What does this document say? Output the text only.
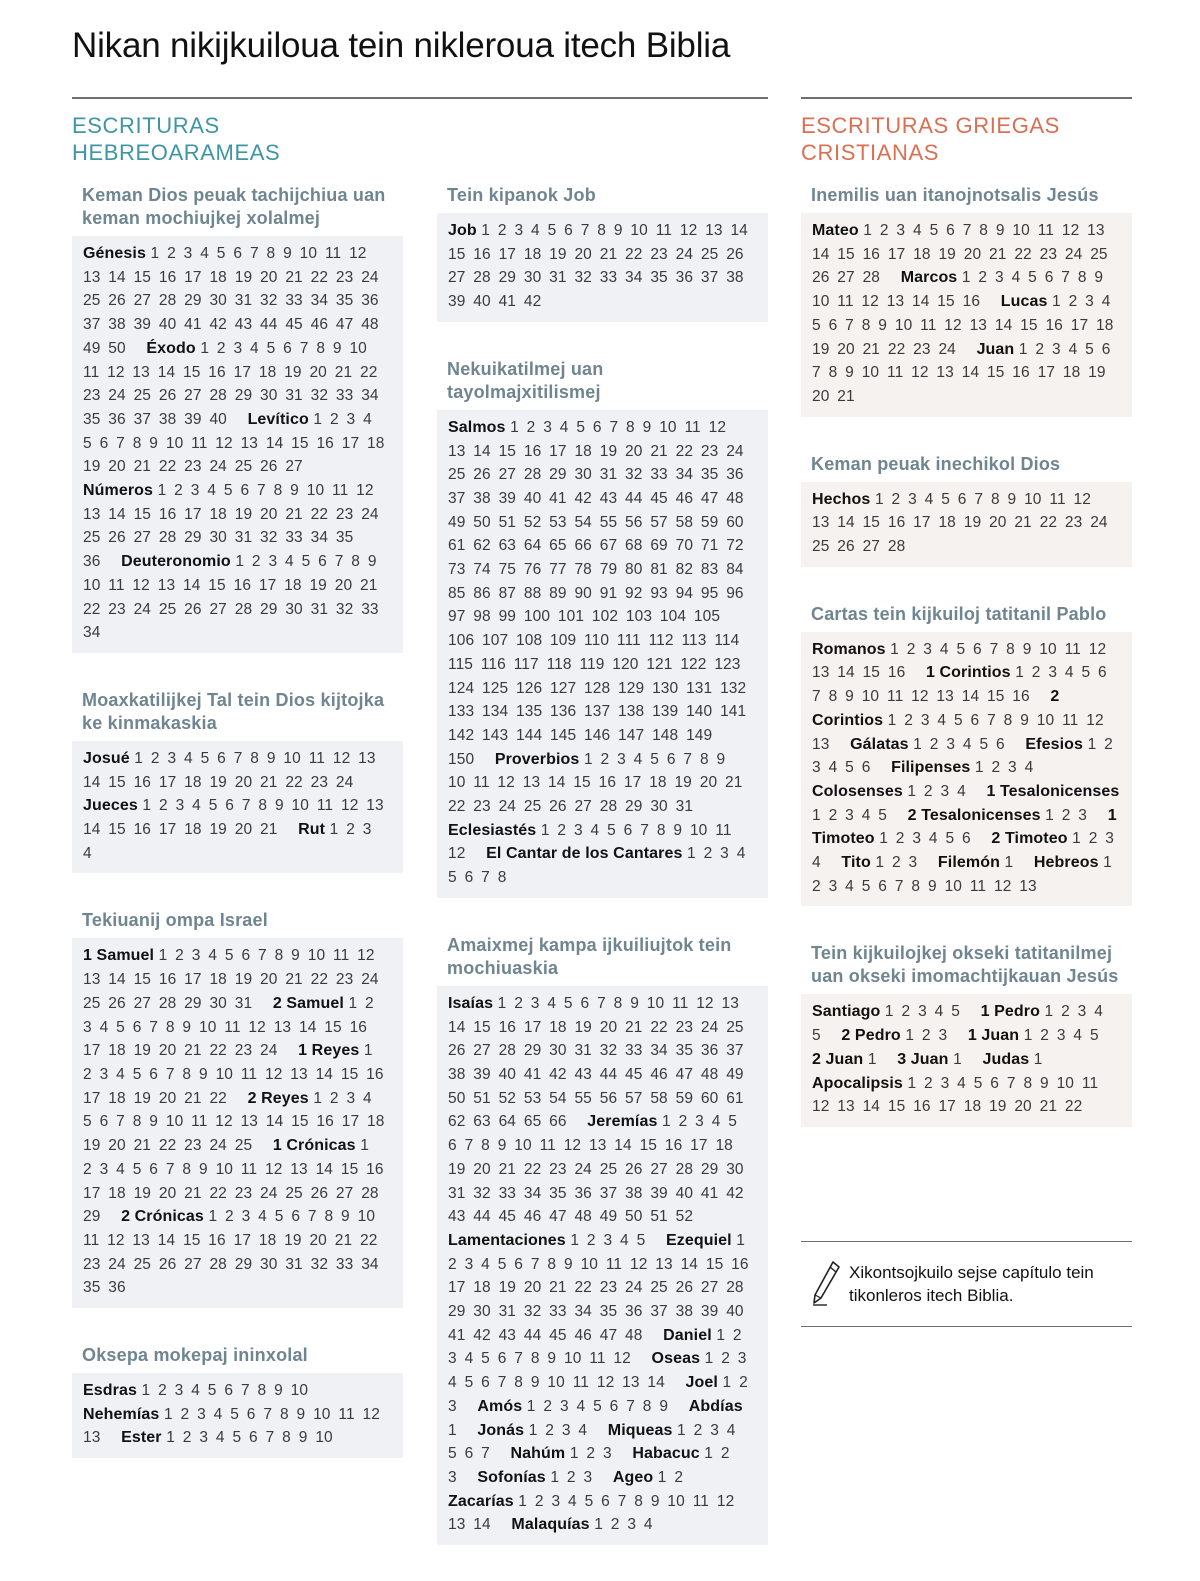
Nikan nikijkuiloua tein nikleroua itech Biblia
ESCRITURAS HEBREOARAMEAS
ESCRITURAS GRIEGAS CRISTIANAS
Keman Dios peuak tachijchiua uan keman mochiujkej xolalmej
Génesis 1 2 3 4 5 6 7 8 9 10 11 12 13 14 15 16 17 18 19 20 21 22 23 24 25 26 27 28 29 30 31 32 33 34 35 36 37 38 39 40 41 42 43 44 45 46 47 48 49 50  Éxodo 1 2 3 4 5 6 7 8 9 10 11 12 13 14 15 16 17 18 19 20 21 22 23 24 25 26 27 28 29 30 31 32 33 34 35 36 37 38 39 40  Levítico 1 2 3 4 5 6 7 8 9 10 11 12 13 14 15 16 17 18 19 20 21 22 23 24 25 26 27  Números 1 2 3 4 5 6 7 8 9 10 11 12 13 14 15 16 17 18 19 20 21 22 23 24 25 26 27 28 29 30 31 32 33 34 35 36  Deuteronomio 1 2 3 4 5 6 7 8 9 10 11 12 13 14 15 16 17 18 19 20 21 22 23 24 25 26 27 28 29 30 31 32 33 34 
Moaxkatilijkej Tal tein Dios kijtojka ke kinmakaskia
Josué 1 2 3 4 5 6 7 8 9 10 11 12 13 14 15 16 17 18 19 20 21 22 23 24  Jueces 1 2 3 4 5 6 7 8 9 10 11 12 13 14 15 16 17 18 19 20 21  Rut 1 2 3 4 
Tekiuanij ompa Israel
1 Samuel 1 2 3 4 5 6 7 8 9 10 11 12 13 14 15 16 17 18 19 20 21 22 23 24 25 26 27 28 29 30 31  2 Samuel 1 2 3 4 5 6 7 8 9 10 11 12 13 14 15 16 17 18 19 20 21 22 23 24  1 Reyes 1 2 3 4 5 6 7 8 9 10 11 12 13 14 15 16 17 18 19 20 21 22  2 Reyes 1 2 3 4 5 6 7 8 9 10 11 12 13 14 15 16 17 18 19 20 21 22 23 24 25  1 Crónicas 1 2 3 4 5 6 7 8 9 10 11 12 13 14 15 16 17 18 19 20 21 22 23 24 25 26 27 28 29  2 Crónicas 1 2 3 4 5 6 7 8 9 10 11 12 13 14 15 16 17 18 19 20 21 22 23 24 25 26 27 28 29 30 31 32 33 34 35 36 
Oksepa mokepaj ininxolal
Esdras 1 2 3 4 5 6 7 8 9 10  Nehemías 1 2 3 4 5 6 7 8 9 10 11 12 13  Ester 1 2 3 4 5 6 7 8 9 10 
Tein kipanok Job
Job 1 2 3 4 5 6 7 8 9 10 11 12 13 14 15 16 17 18 19 20 21 22 23 24 25 26 27 28 29 30 31 32 33 34 35 36 37 38 39 40 41 42 
Nekuikatilmej uan tayolmajxitilismej
Salmos 1 2 3 4 5 6 7 8 9 10 11 12 13 14 15 16 17 18 19 20 21 22 23 24 25 26 27 28 29 30 31 32 33 34 35 36 37 38 39 40 41 42 43 44 45 46 47 48 49 50 51 52 53 54 55 56 57 58 59 60 61 62 63 64 65 66 67 68 69 70 71 72 73 74 75 76 77 78 79 80 81 82 83 84 85 86 87 88 89 90 91 92 93 94 95 96 97 98 99 100 101 102 103 104 105 106 107 108 109 110 111 112 113 114 115 116 117 118 119 120 121 122 123 124 125 126 127 128 129 130 131 132 133 134 135 136 137 138 139 140 141 142 143 144 145 146 147 148 149 150  Proverbios 1 2 3 4 5 6 7 8 9 10 11 12 13 14 15 16 17 18 19 20 21 22 23 24 25 26 27 28 29 30 31  Eclesiastés 1 2 3 4 5 6 7 8 9 10 11 12  El Cantar de los Cantares 1 2 3 4 5 6 7 8 
Amaixmej kampa ijkuiliujtok tein mochiuaskia
Isaías 1 2 3 4 5 6 7 8 9 10 11 12 13 14 15 16 17 18 19 20 21 22 23 24 25 26 27 28 29 30 31 32 33 34 35 36 37 38 39 40 41 42 43 44 45 46 47 48 49 50 51 52 53 54 55 56 57 58 59 60 61 62 63 64 65 66  Jeremías 1 2 3 4 5 6 7 8 9 10 11 12 13 14 15 16 17 18 19 20 21 22 23 24 25 26 27 28 29 30 31 32 33 34 35 36 37 38 39 40 41 42 43 44 45 46 47 48 49 50 51 52  Lamentaciones 1 2 3 4 5  Ezequiel 1 2 3 4 5 6 7 8 9 10 11 12 13 14 15 16 17 18 19 20 21 22 23 24 25 26 27 28 29 30 31 32 33 34 35 36 37 38 39 40 41 42 43 44 45 46 47 48  Daniel 1 2 3 4 5 6 7 8 9 10 11 12  Oseas 1 2 3 4 5 6 7 8 9 10 11 12 13 14  Joel 1 2 3  Amós 1 2 3 4 5 6 7 8 9  Abdías 1  Jonás 1 2 3 4  Miqueas 1 2 3 4 5 6 7  Nahúm 1 2 3  Habacuc 1 2 3  Sofonías 1 2 3  Ageo 1 2  Zacarías 1 2 3 4 5 6 7 8 9 10 11 12 13 14  Malaquías 1 2 3 4 
Inemilis uan itanojnotsalis Jesús
Mateo 1 2 3 4 5 6 7 8 9 10 11 12 13 14 15 16 17 18 19 20 21 22 23 24 25 26 27 28  Marcos 1 2 3 4 5 6 7 8 9 10 11 12 13 14 15 16  Lucas 1 2 3 4 5 6 7 8 9 10 11 12 13 14 15 16 17 18 19 20 21 22 23 24  Juan 1 2 3 4 5 6 7 8 9 10 11 12 13 14 15 16 17 18 19 20 21 
Keman peuak inechikol Dios
Hechos 1 2 3 4 5 6 7 8 9 10 11 12 13 14 15 16 17 18 19 20 21 22 23 24 25 26 27 28 
Cartas tein kijkuiloj tatitanil Pablo
Romanos 1 2 3 4 5 6 7 8 9 10 11 12 13 14 15 16  1 Corintios 1 2 3 4 5 6 7 8 9 10 11 12 13 14 15 16  2 Corintios 1 2 3 4 5 6 7 8 9 10 11 12 13  Gálatas 1 2 3 4 5 6  Efesios 1 2 3 4 5 6  Filipenses 1 2 3 4  Colosenses 1 2 3 4  1 Tesalonicenses 1 2 3 4 5  2 Tesalonicenses 1 2 3  1 Timoteo 1 2 3 4 5 6  2 Timoteo 1 2 3 4  Tito 1 2 3  Filemón 1  Hebreos 1 2 3 4 5 6 7 8 9 10 11 12 13 
Tein kijkuilojkej okseki tatitanilmej uan okseki imomachtijkauan Jesús
Santiago 1 2 3 4 5  1 Pedro 1 2 3 4 5  2 Pedro 1 2 3  1 Juan 1 2 3 4 5  2 Juan 1  3 Juan 1  Judas 1  Apocalipsis 1 2 3 4 5 6 7 8 9 10 11 12 13 14 15 16 17 18 19 20 21 22 
Xikontsojkuilo sejse capítulo tein tikonleros itech Biblia.
